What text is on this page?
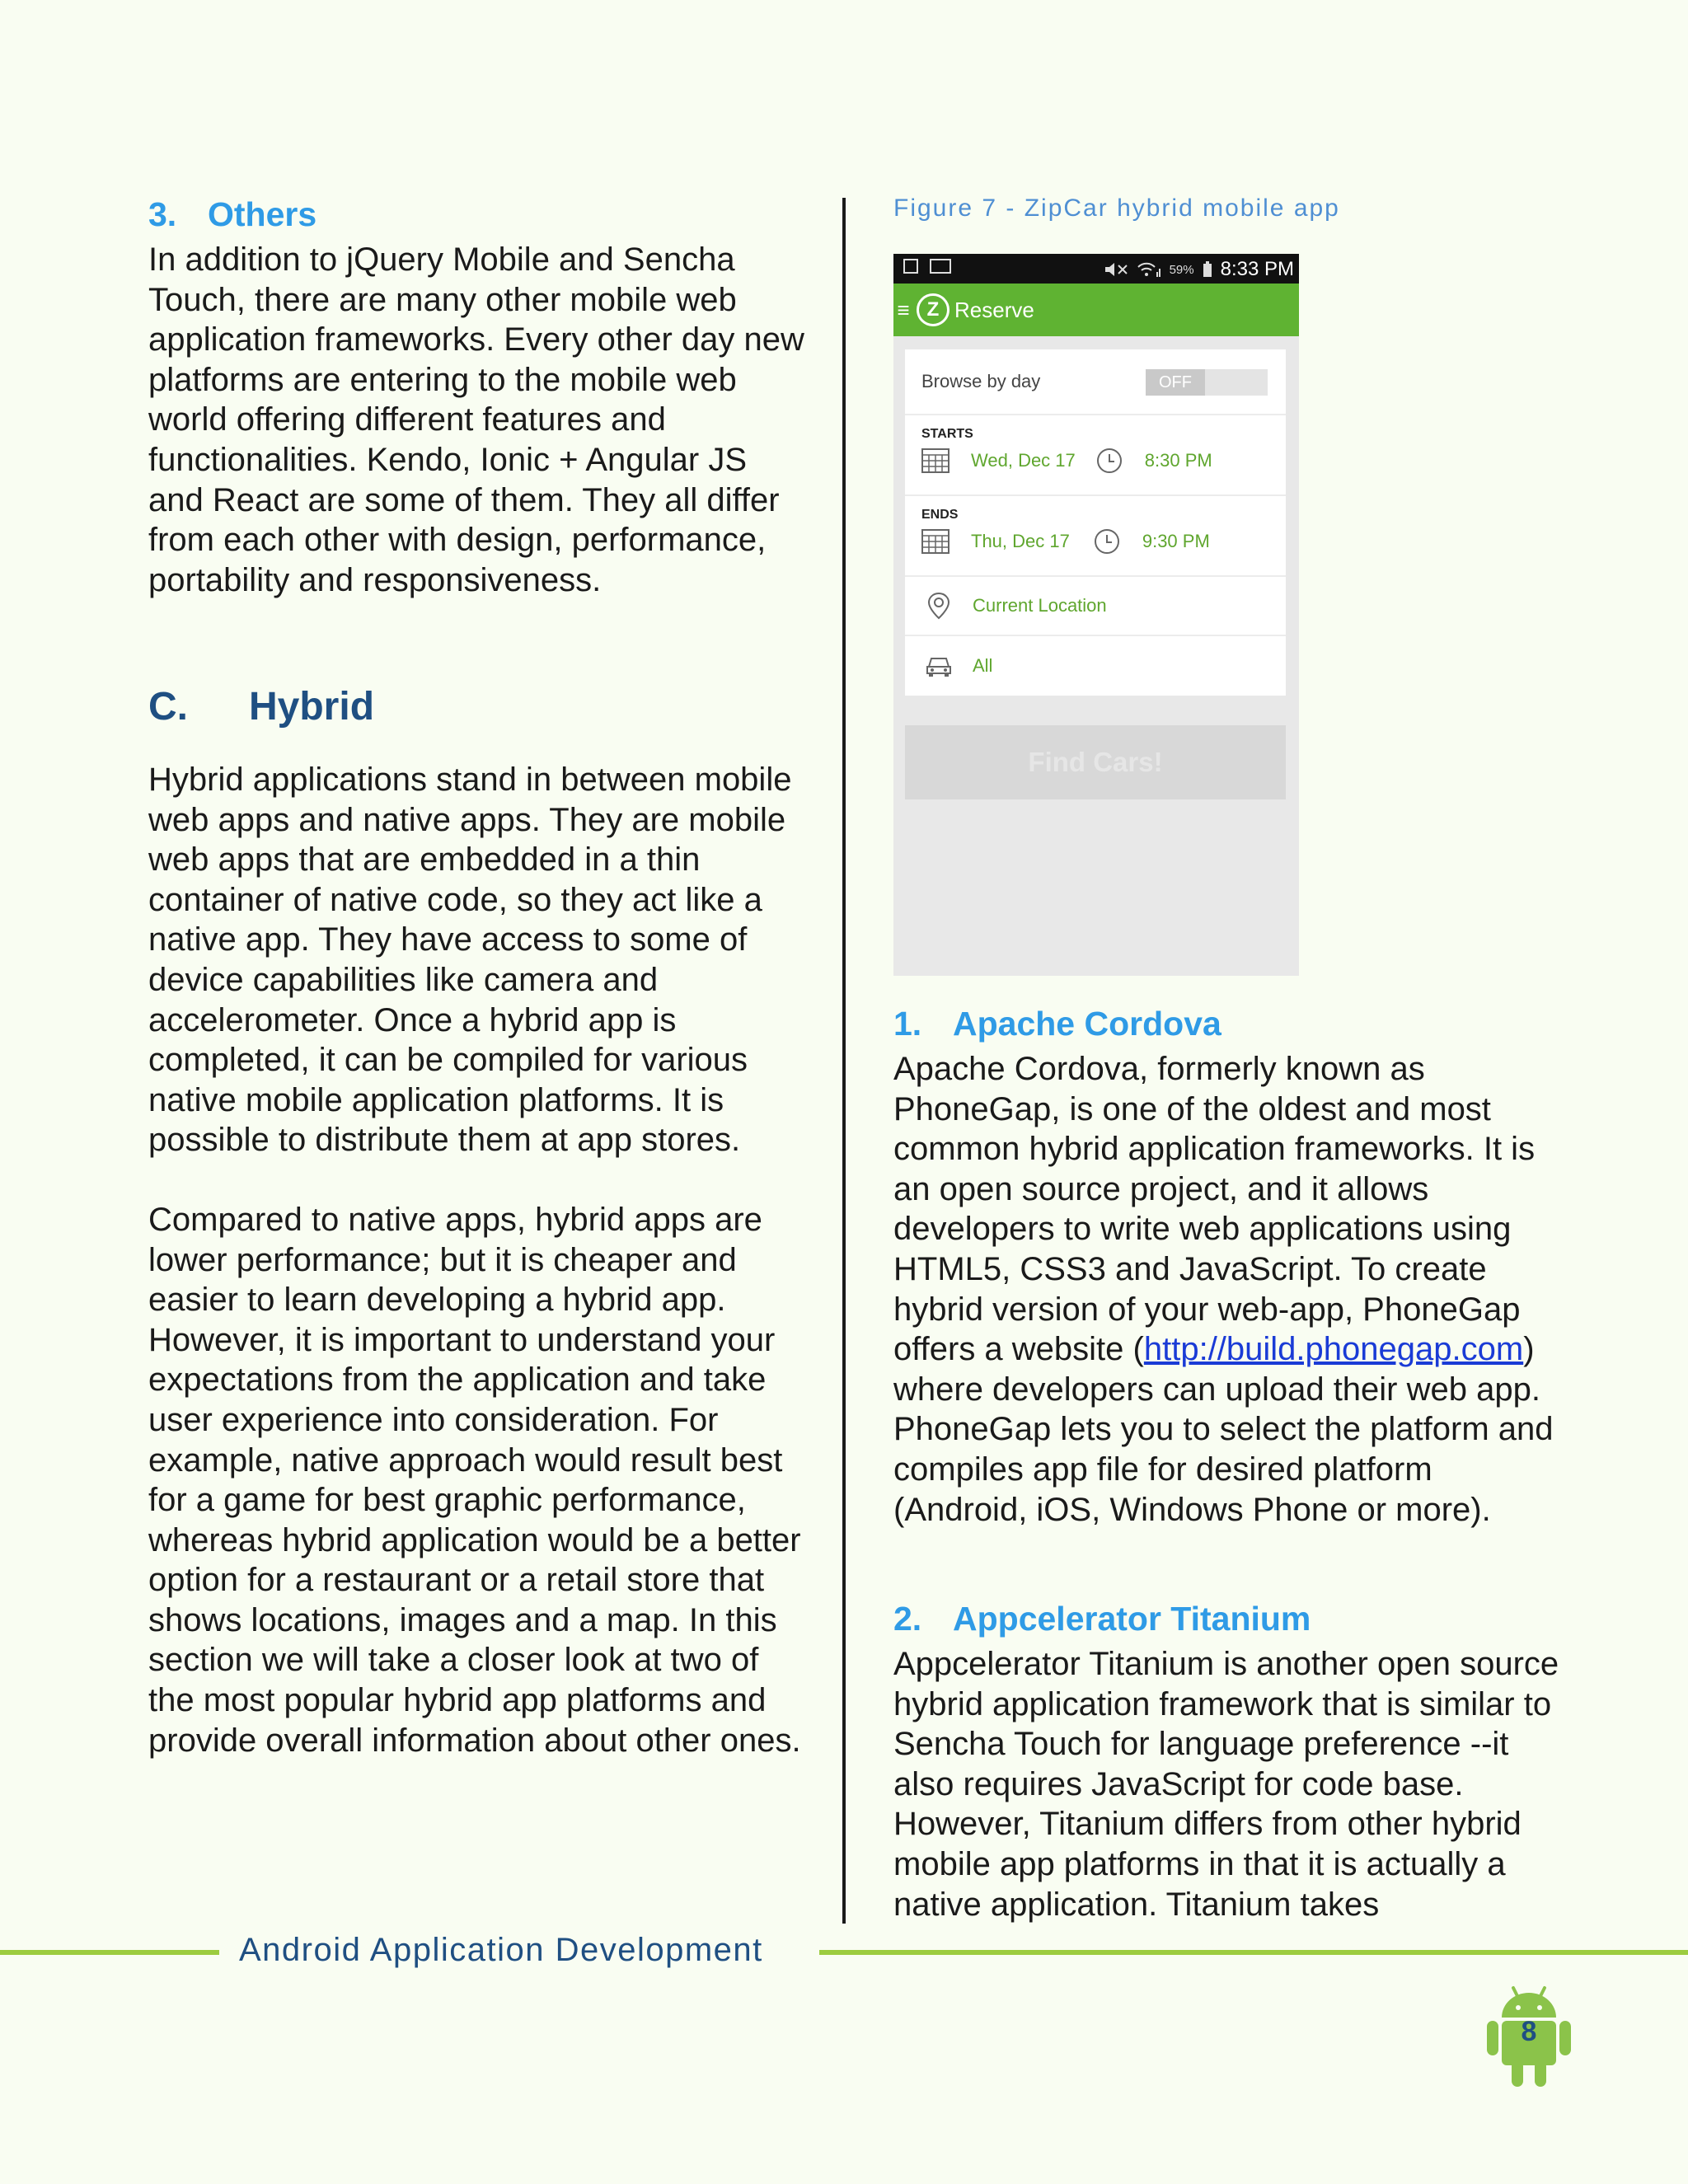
3. Others

In addition to jQuery Mobile and Sencha Touch, there are many other mobile web application frameworks. Every other day new platforms are entering to the mobile web world offering different features and functionalities. Kendo, Ionic + Angular JS and React are some of them. They all differ from each other with design, performance, portability and responsiveness.

C. Hybrid

Hybrid applications stand in between mobile web apps and native apps. They are mobile web apps that are embedded in a thin container of native code, so they act like a native app. They have access to some of device capabilities like camera and accelerometer. Once a hybrid app is completed, it can be compiled for various native mobile application platforms. It is possible to distribute them at app stores.

Compared to native apps, hybrid apps are lower performance; but it is cheaper and easier to learn developing a hybrid app. However, it is important to understand your expectations from the application and take user experience into consideration. For example, native approach would result best for a game for best graphic performance, whereas hybrid application would be a better option for a restaurant or a retail store that shows locations, images and a map. In this section we will take a closer look at two of the most popular hybrid app platforms and provide overall information about other ones.

Figure 7 - ZipCar hybrid mobile app

59% 8:33 PM
≡ Z Reserve
Browse by day	OFF
STARTS
Wed, Dec 17	8:30 PM
ENDS
Thu, Dec 17	9:30 PM
Current Location
All
Find Cars!
1. Apache Cordova

Apache Cordova, formerly known as PhoneGap, is one of the oldest and most common hybrid application frameworks. It is an open source project, and it allows developers to write web applications using HTML5, CSS3 and JavaScript. To create hybrid version of your web-app, PhoneGap offers a website (http://build.phonegap.com) where developers can upload their web app. PhoneGap lets you to select the platform and compiles app file for desired platform (Android, iOS, Windows Phone or more).

2. Appcelerator Titanium

Appcelerator Titanium is another open source hybrid application framework that is similar to Sencha Touch for language preference --it also requires JavaScript for code base. However, Titanium differs from other hybrid mobile app platforms in that it is actually a native application. Titanium takes

Android Application Development

8
